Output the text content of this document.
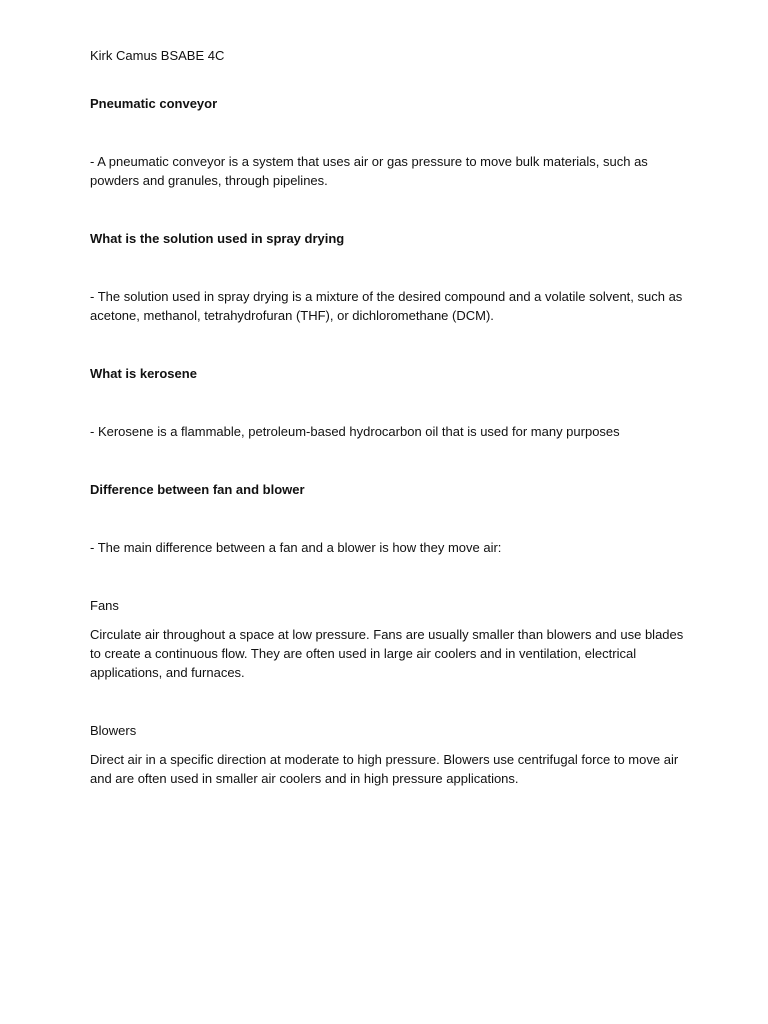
Kirk Camus BSABE 4C

Pneumatic conveyor

- A pneumatic conveyor is a system that uses air or gas pressure to move bulk materials, such as powders and granules, through pipelines.

What is the solution used in spray drying

- The solution used in spray drying is a mixture of the desired compound and a volatile solvent, such as acetone, methanol, tetrahydrofuran (THF), or dichloromethane (DCM).

What is kerosene

- Kerosene is a flammable, petroleum-based hydrocarbon oil that is used for many purposes

Difference between fan and blower

- The main difference between a fan and a blower is how they move air:

Fans

Circulate air throughout a space at low pressure. Fans are usually smaller than blowers and use blades to create a continuous flow. They are often used in large air coolers and in ventilation, electrical applications, and furnaces.

Blowers

Direct air in a specific direction at moderate to high pressure. Blowers use centrifugal force to move air and are often used in smaller air coolers and in high pressure applications.
